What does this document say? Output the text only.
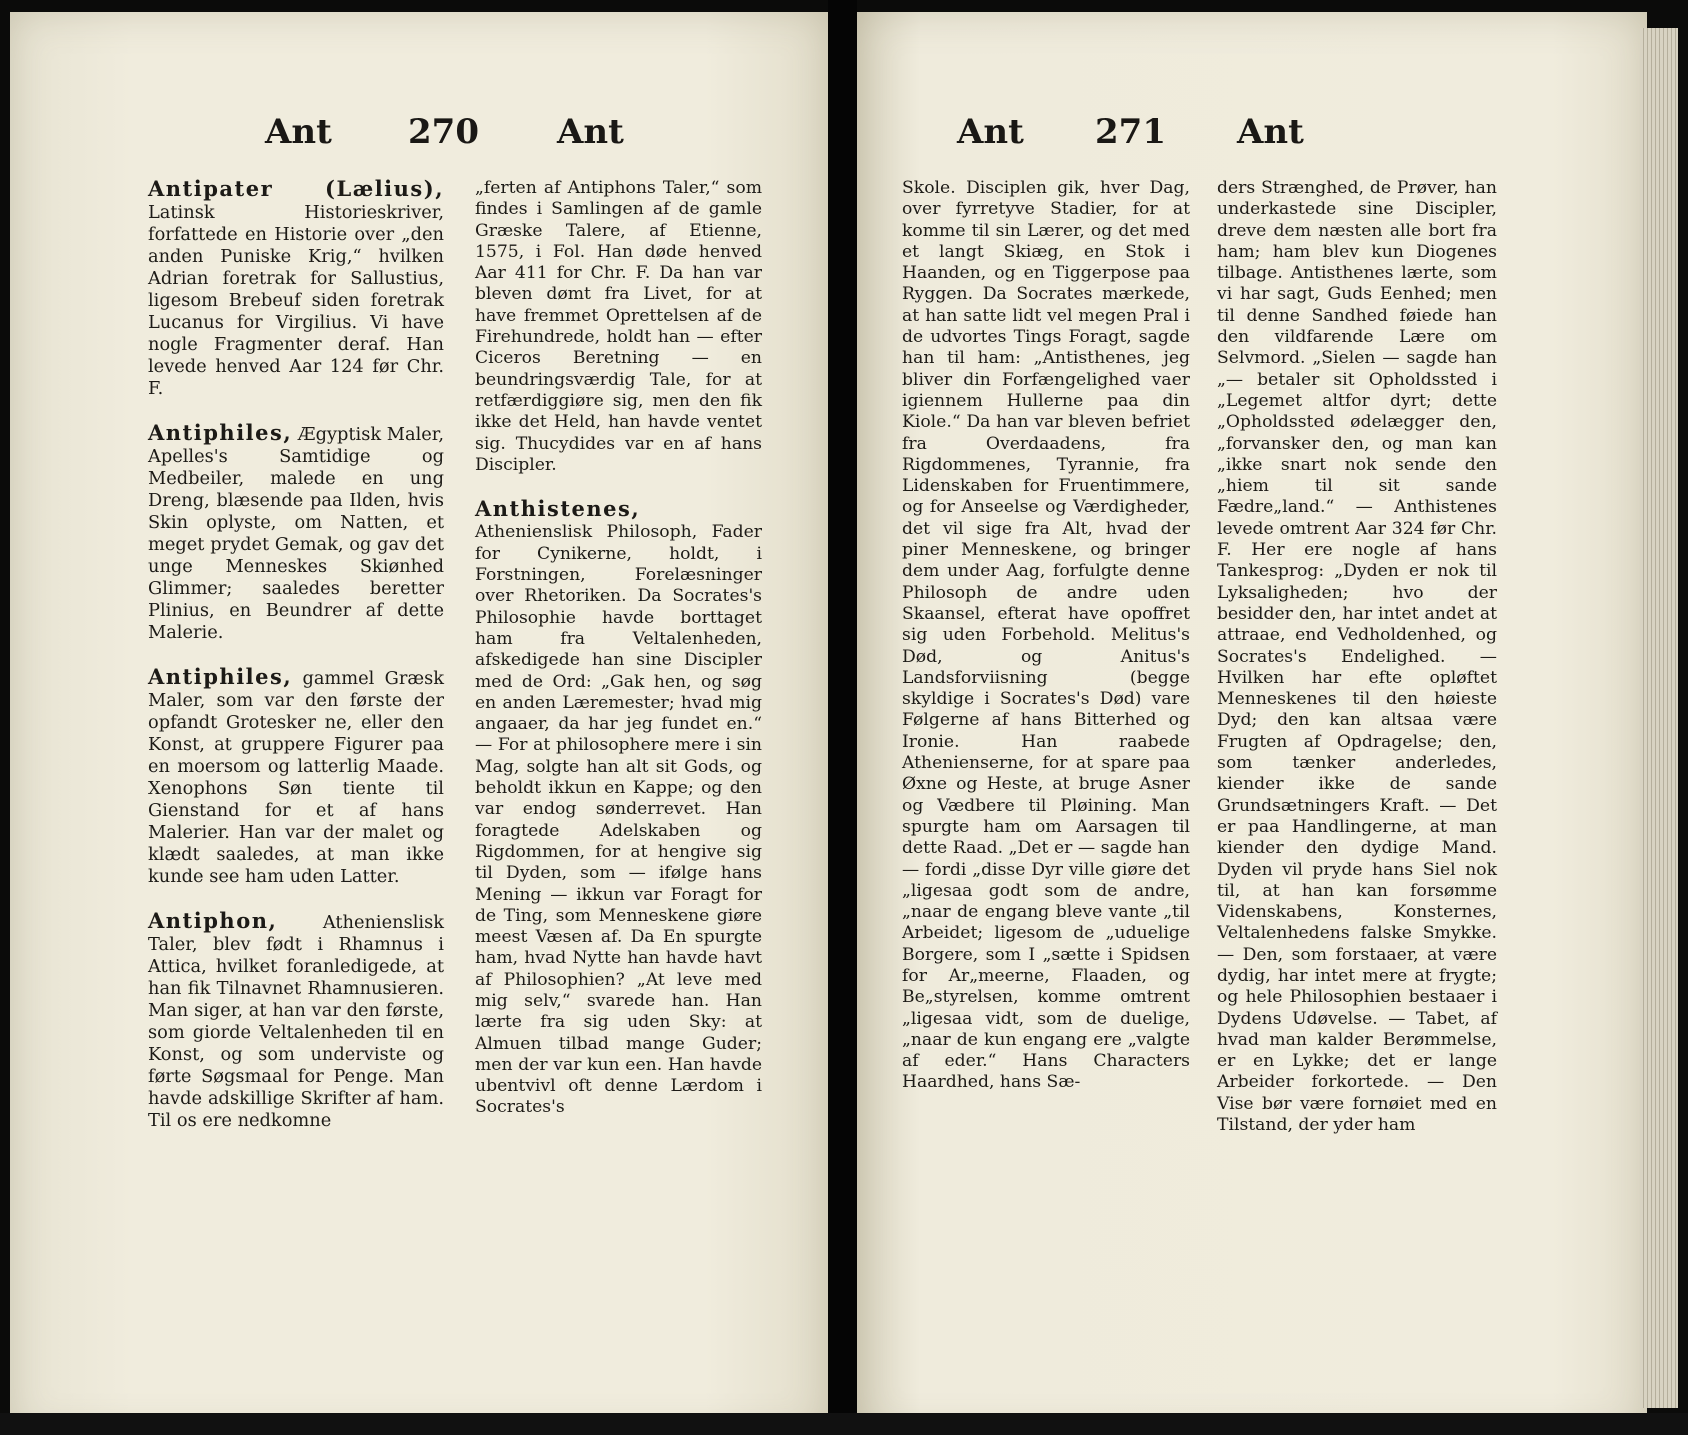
Ant 270 Ant	Ant 271 Ant

Antipater (Lælius), Latinsk Historieskriver, forfattede en Historie over „den anden Puniske Krig,“ hvilken Adrian foretrak for Sallustius, ligesom Brebeuf siden foretrak Lucanus for Virgilius. Vi have nogle Fragmenter deraf. Han levede henved Aar 124 før Chr. F.

Antiphiles, Ægyptisk Maler, Apelles's Samtidige og Medbeiler, malede en ung Dreng, blæsende paa Ilden, hvis Skin oplyste, om Natten, et meget prydet Gemak, og gav det unge Menneskes Skiønhed Glimmer; saaledes beretter Plinius, en Beundrer af dette Malerie.

Antiphiles, gammel Græsk Maler, som var den første der opfandt Grotesker ne, eller den Konst, at gruppere Figurer paa en moersom og latterlig Maade. Xenophons Søn tiente til Gienstand for et af hans Malerier. Han var der malet og klædt saaledes, at man ikke kunde see ham uden Latter.

Antiphon,	Athenienslisk Taler, blev født i Rhamnus i Attica, hvilket foranledigede, at han fik Tilnavnet Rhamnusieren. Man siger, at han var den første, som giorde Veltalenheden til en Konst, og som underviste og førte Søgsmaal for Penge. Man havde adskillige Skrifter af ham. Til os ere nedkomne

„ferten af Antiphons Taler,“ som findes i Samlingen af de gamle Græske Talere, af Etienne, 1575, i Fol. Han døde henved Aar 411 for Chr. F. Da han var bleven dømt fra Livet, for at have fremmet Oprettelsen af de Firehundrede, holdt han — efter Ciceros Beretning — en beundringsværdig Tale, for at retfærdiggiøre sig, men den fik ikke det Held, han havde ventet sig. Thucydides var en af hans Discipler.

Anthistenes, Athenienslisk Philosoph, Fader for Cynikerne, holdt, i Forstningen, Forelæsninger over Rhetoriken. Da Socrates's Philosophie havde borttaget ham fra Veltalenheden, afskedigede han sine Discipler med de Ord: „Gak hen, og søg en anden Læremester; hvad mig angaaer, da har jeg fundet en.“ — For at philosophere mere i sin Mag, solgte han alt sit Gods, og beholdt ikkun en Kappe; og den var endog sønderrevet. Han foragtede Adelskaben og Rigdommen, for at hengive sig til Dyden, som — ifølge hans Mening — ikkun var Foragt for de Ting, som Menneskene giøre meest Væsen af. Da En spurgte ham, hvad Nytte han havde havt af Philosophien? „At leve med mig selv,“ svarede han. Han lærte fra sig uden Sky: at Almuen tilbad mange Guder; men der var kun een. Han havde ubentvivl oft denne Lærdom i Socrates's

Skole. Disciplen gik, hver Dag, over fyrretyve Stadier, for at komme til sin Lærer, og det med et langt Skiæg, en Stok i Haanden, og en Tiggerpose paa Ryggen. Da Socrates mærkede, at han satte lidt vel megen Pral i de udvortes Tings Foragt, sagde han til ham: „Antisthenes, jeg bliver din Forfængelighed vaer igiennem Hullerne paa din Kiole.“ Da han var bleven befriet fra Overdaadens, fra Rigdommenes, Tyrannie, fra Lidenskaben for Fruentimmere, og for Anseelse og Værdigheder, det vil sige fra Alt, hvad der piner Menneskene, og bringer dem under Aag, forfulgte denne Philosoph de andre uden Skaansel, efterat have opoffret sig uden Forbehold. Melitus's Død, og Anitus's Landsforviisning (begge skyldige i Socrates's Død) vare Følgerne af hans Bitterhed og Ironie. Han raabede Athenienserne, for at spare paa Øxne og Heste, at bruge Asner og Vædbere til Pløining. Man spurgte ham om Aarsagen til dette Raad. „Det er — sagde han — fordi „disse Dyr ville giøre det „ligesaa godt som de andre, „naar de engang bleve vante „til Arbeidet; ligesom de „uduelige Borgere, som I „sætte i Spidsen for Ar„meerne, Flaaden, og Be„styrelsen, komme omtrent „ligesaa vidt, som de duelige, „naar de kun engang ere „valgte af eder.“ Hans Characters Haardhed, hans Sæ-

ders Strænghed, de Prøver, han underkastede sine Discipler, dreve dem næsten alle bort fra ham; ham blev kun Diogenes tilbage. Antisthenes lærte, som vi har sagt, Guds Eenhed; men til denne Sandhed føiede han den vildfarende Lære om Selvmord. „Sielen — sagde han „— betaler sit Opholdssted i „Legemet altfor dyrt; dette „Opholdssted ødelægger den, „forvansker den, og man kan „ikke snart nok sende den „hiem til sit sande Fædre„land.“ — Anthistenes levede omtrent Aar 324 før Chr. F. Her ere nogle af hans Tankesprog: „Dyden er nok til Lyksaligheden; hvo der besidder den, har intet andet at attraae, end Vedholdenhed, og Socrates's Endelighed. — Hvilken har efte opløftet Menneskenes til den høieste Dyd; den kan altsaa være Frugten af Opdragelse; den, som tænker anderledes, kiender ikke de sande Grundsætningers Kraft. — Det er paa Handlingerne, at man kiender den dydige Mand. Dyden vil pryde hans Siel nok til, at han kan forsømme Videnskabens, Konsternes, Veltalenhedens falske Smykke. — Den, som forstaaer, at være dydig, har intet mere at frygte; og hele Philosophien bestaaer i Dydens Udøvelse. — Tabet, af hvad man kalder Berømmelse, er en Lykke; det er lange Arbeider forkortede. — Den Vise bør være fornøiet med en Tilstand, der yder ham
